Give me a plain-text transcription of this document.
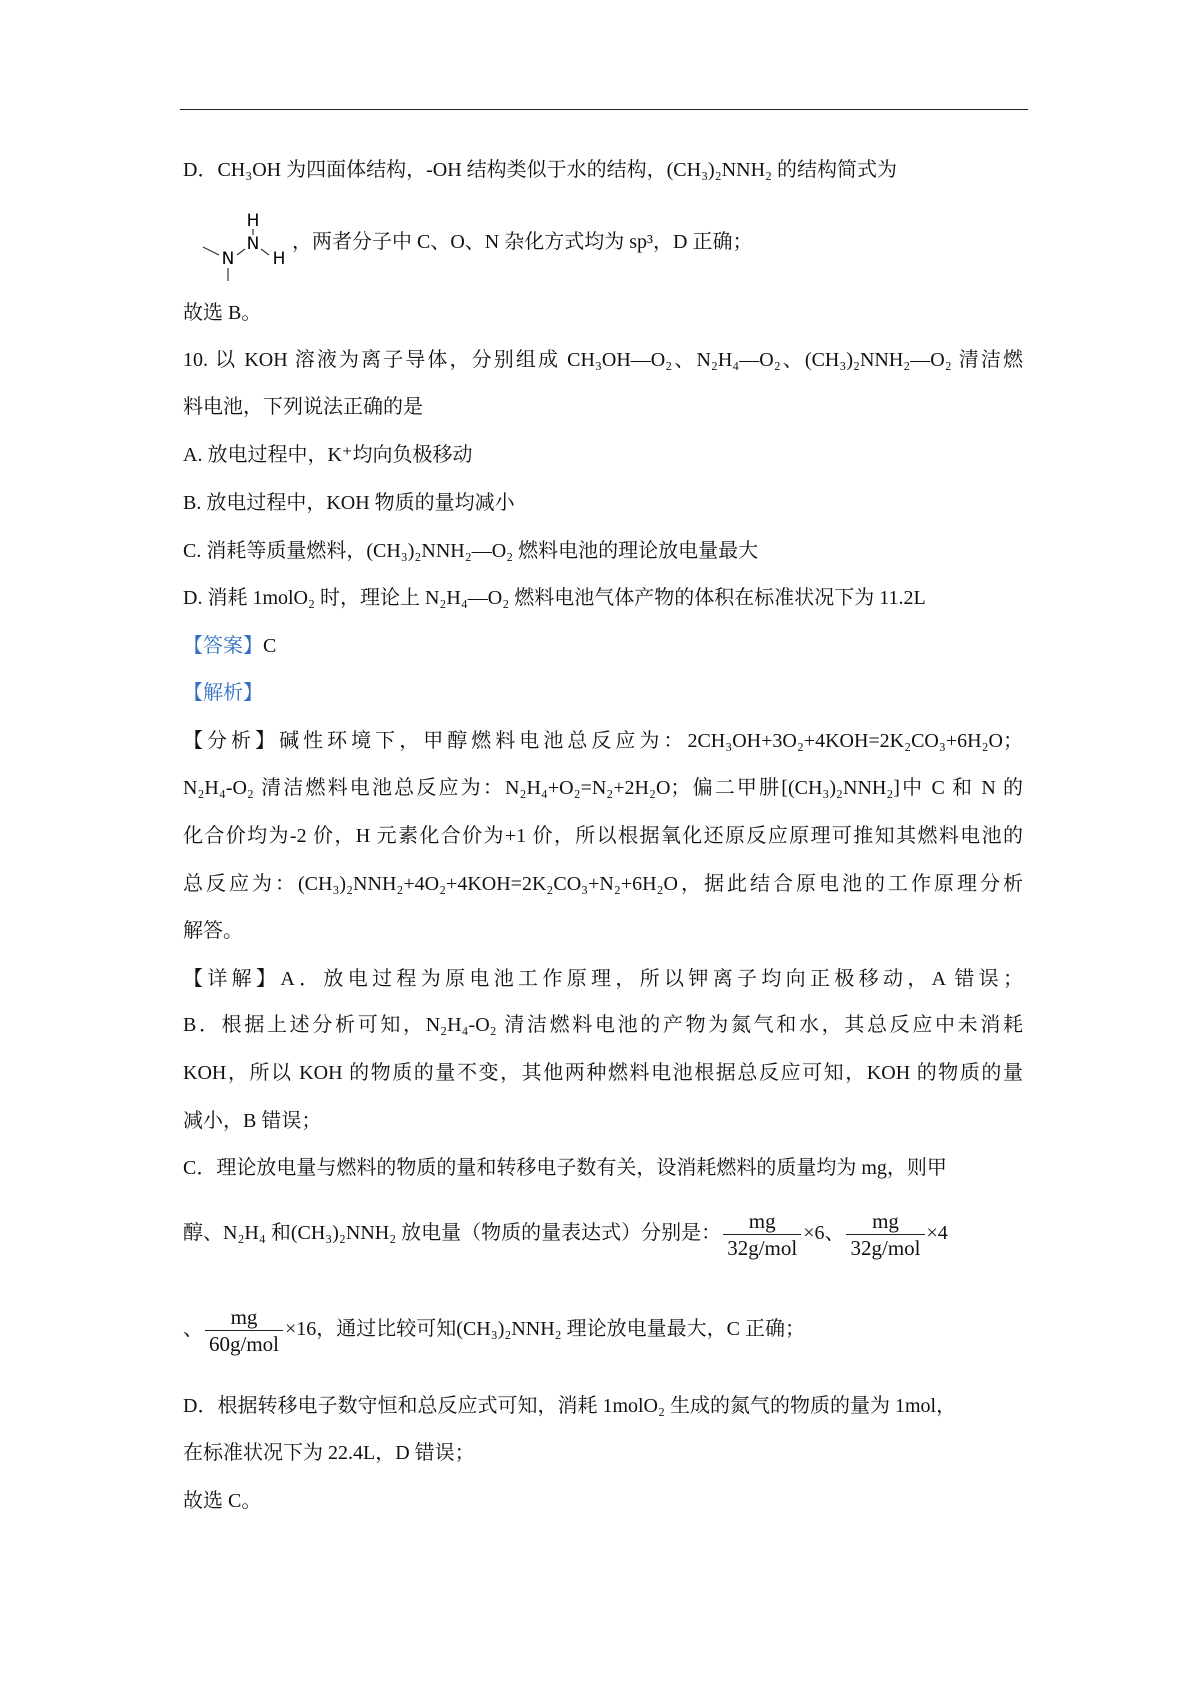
D．CH₃OH 为四面体结构，-OH 结构类似于水的结构，(CH₃)₂NNH₂ 的结构简式为
H
N
N H
，两者分子中 C、O、N 杂化方式均为 sp³，D 正确；
故选 B。
10. 以 KOH 溶液为离子导体，分别组成 CH₃OH—O₂、N₂H₄—O₂、(CH₃)₂NNH₂—O₂ 清洁燃
料电池，下列说法正确的是
A. 放电过程中，K⁺均向负极移动
B. 放电过程中，KOH 物质的量均减小
C. 消耗等质量燃料，(CH₃)₂NNH₂—O₂ 燃料电池的理论放电量最大
D. 消耗 1molO₂ 时，理论上 N₂H₄—O₂ 燃料电池气体产物的体积在标准状况下为 11.2L
【答案】C
【解析】
【分析】碱性环境下，甲醇燃料电池总反应为：2CH₃OH+3O₂+4KOH=2K₂CO₃+6H₂O；
N₂H₄-O₂ 清洁燃料电池总反应为：N₂H₄+O₂=N₂+2H₂O；偏二甲肼[(CH₃)₂NNH₂]中 C 和 N 的
化合价均为-2 价，H 元素化合价为+1 价，所以根据氧化还原反应原理可推知其燃料电池的
总反应为：(CH₃)₂NNH₂+4O₂+4KOH=2K₂CO₃+N₂+6H₂O，据此结合原电池的工作原理分析
解答。
【详解】A．放电过程为原电池工作原理，所以钾离子均向正极移动，A 错误；
B．根据上述分析可知，N₂H₄-O₂ 清洁燃料电池的产物为氮气和水，其总反应中未消耗
KOH，所以 KOH 的物质的量不变，其他两种燃料电池根据总反应可知，KOH 的物质的量
减小，B 错误；
C．理论放电量与燃料的物质的量和转移电子数有关，设消耗燃料的质量均为 mg，则甲
醇、N₂H₄ 和(CH₃)₂NNH₂ 放电量（物质的量表达式）分别是： $\frac{mg}{\text{32g/mol}} \times 6$、 $\frac{mg}{\text{32g/mol}} \times 4$
、 $\frac{mg}{\text{60g/mol}} \times 16$，通过比较可知(CH₃)₂NNH₂ 理论放电量最大，C 正确；
D．根据转移电子数守恒和总反应式可知，消耗 1molO₂ 生成的氮气的物质的量为 1mol，
在标准状况下为 22.4L，D 错误；
故选 C。
